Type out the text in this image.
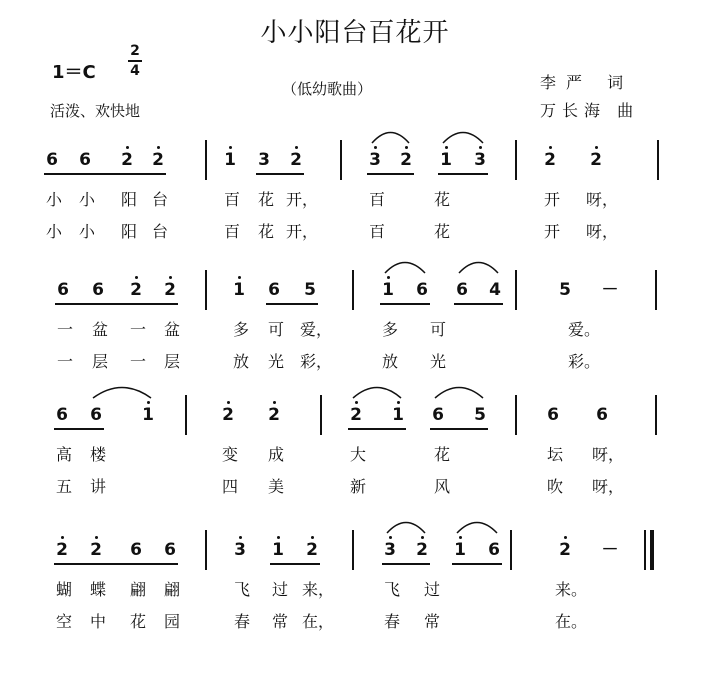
小小阳台百花开
1＝C
2
4
活泼、欢快地
（低幼歌曲）	李严 词
万长海 曲
6 6 2 2	1 3 2	3 2 1 3	2 2
小 小 阳 台	百 花 开，	百	花	开 呀，
小 小 阳 台	百 花 开，	百	花	开 呀，
6 6 2 2	1 6 5	1 6 6 4	5 －
一 盆 一 盆	多 可 爱，	多 可	爱。
一 层 一 层	放 光 彩，	放 光	彩。
6 6 1	2 2	2 1 6 5	6 6
高 楼	变 成	大	花	坛 呀，
五 讲	四 美	新	风	吹 呀，
2 2 6 6	3 1 2	3 2 1 6	2 －
蝴 蝶 翩 翩	飞 过 来，	飞 过	来。
空 中 花 园	春 常 在，	春 常	在。
